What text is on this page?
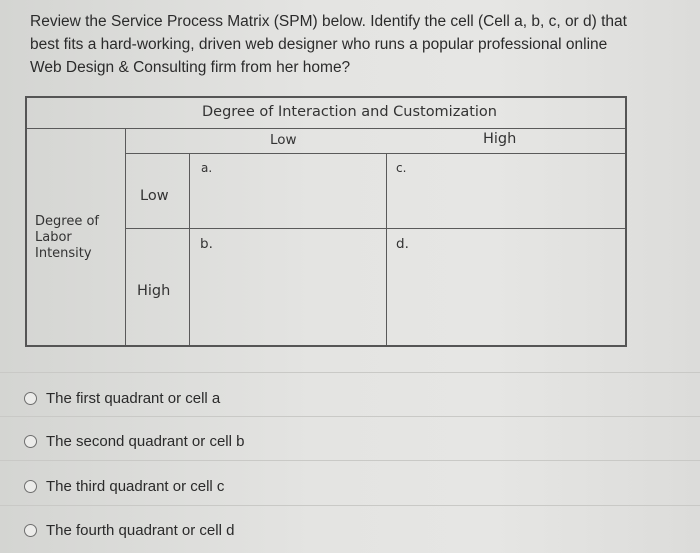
Review the Service Process Matrix (SPM) below. Identify the cell (Cell a, b, c, or d) that
best fits a hard-working, driven web designer who runs a popular professional online
Web Design & Consulting firm from her home?
Degree of Interaction and Customization
Low	High
Degree of Labor Intensity
Low
High
a.	c.
b.	d.
The first quadrant or cell a
The second quadrant or cell b
The third quadrant or cell c
The fourth quadrant or cell d
